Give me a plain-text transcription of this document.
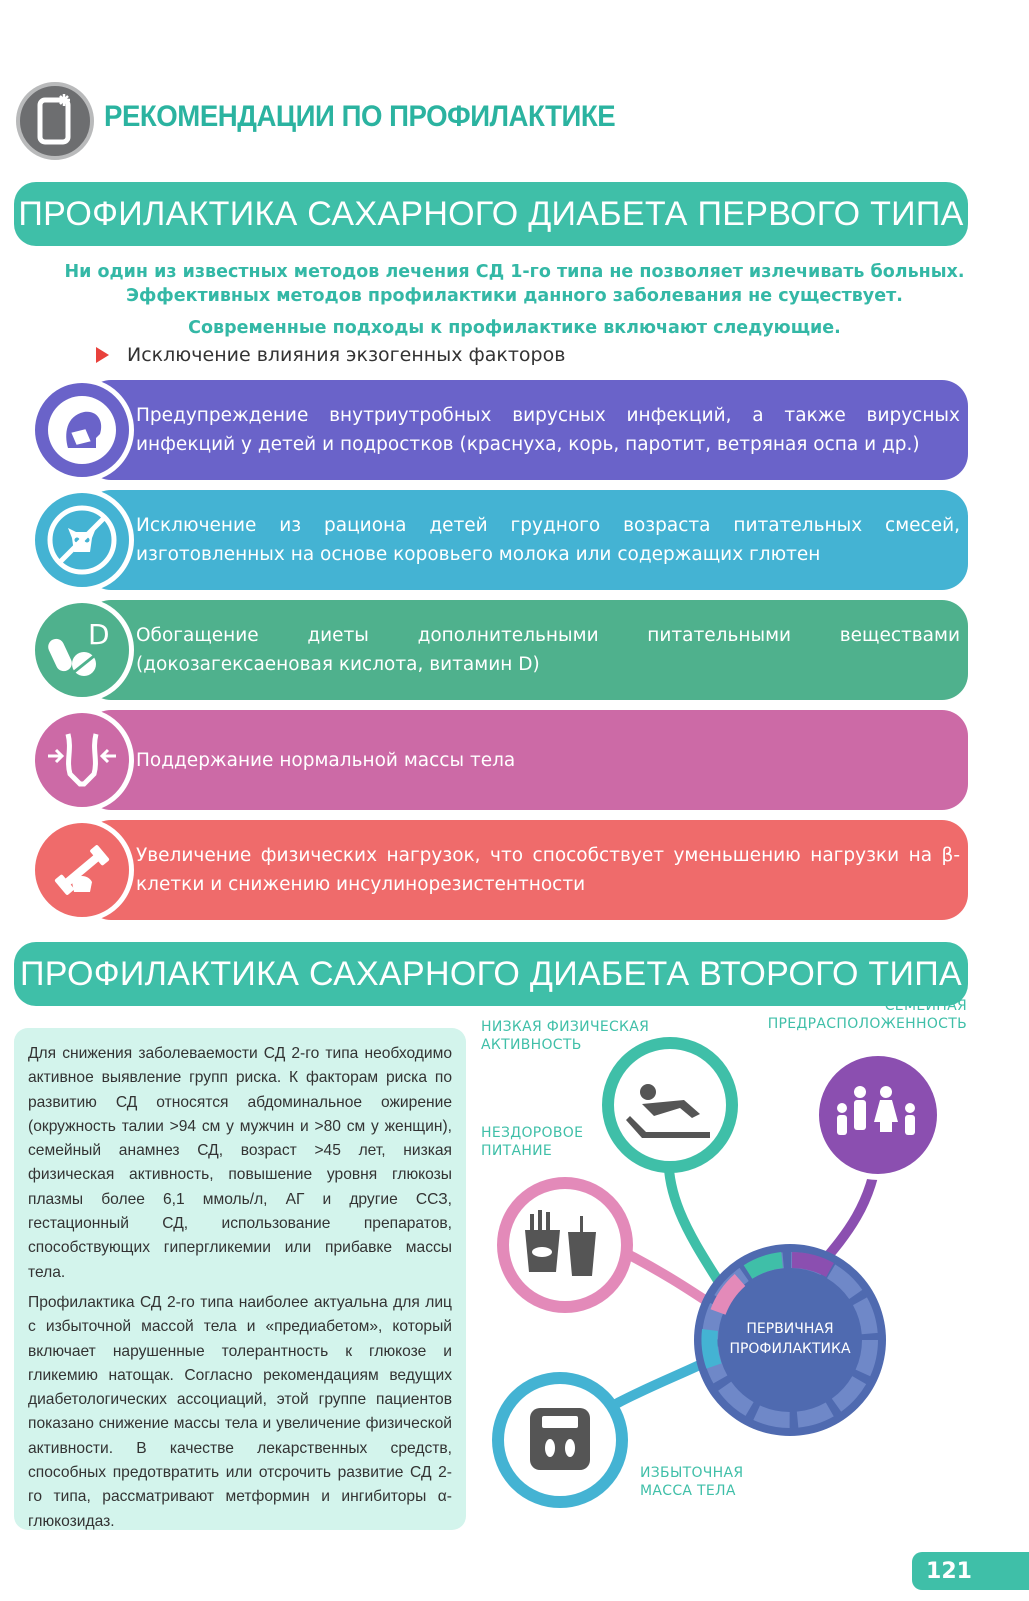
РЕКОМЕНДАЦИИ ПО ПРОФИЛАКТИКЕ
ПРОФИЛАКТИКА САХАРНОГО ДИАБЕТА ПЕРВОГО ТИПА
Ни один из известных методов лечения СД 1-го типа не позволяет излечивать больных.
Эффективных методов профилактики данного заболевания не существует.
Современные подходы к профилактике включают следующие.
Исключение влияния экзогенных факторов
Предупреждение внутриутробных вирусных инфекций, а также вирусных инфекций у детей и подростков (краснуха, корь, паротит, ветряная оспа и др.)
Исключение из рациона детей грудного возраста питательных смесей, изготовленных на основе коровьего молока или содержащих глютен
D Обогащение диеты дополнительными питательными веществами (докозагексаеновая кислота, витамин D)
Поддержание нормальной массы тела
Увеличение физических нагрузок, что способствует уменьшению нагрузки на β-клетки и снижению инсулинорезистентности
ПРОФИЛАКТИКА САХАРНОГО ДИАБЕТА ВТОРОГО ТИПА

Для снижения заболеваемости СД 2-го типа необходимо активное выявление групп риска. К факторам риска по развитию СД относятся абдоминальное ожирение (окружность талии >94 см у мужчин и >80 см у женщин), семейный анамнез СД, возраст >45 лет, низкая физическая активность, повышение уровня глюкозы плазмы более 6,1 ммоль/л, АГ и другие ССЗ, гестационный СД, использование препаратов, способствующих гипергликемии или прибавке массы тела.

Профилактика СД 2-го типа наиболее актуальна для лиц с избыточной массой тела и «предиабетом», который включает нарушенные толерантность к глюкозе и гликемию натощак. Согласно рекомендациям ведущих диабетологических ассоциаций, этой группе пациентов показано снижение массы тела и увеличение физической активности. В качестве лекарственных средств, способных предотвратить или отсрочить развитие СД 2-го типа, рассматривают метформин и ингибиторы α-глюкозидаз.

ПЕРВИЧНАЯ
ПРОФИЛАКТИКА
НИЗКАЯ ФИЗИЧЕСКАЯ
АКТИВНОСТЬ
СЕМЕЙНАЯ
ПРЕДРАСПОЛОЖЕННОСТЬ
НЕЗДОРОВОЕ
ПИТАНИЕ
ИЗБЫТОЧНАЯ
МАССА ТЕЛА
121
